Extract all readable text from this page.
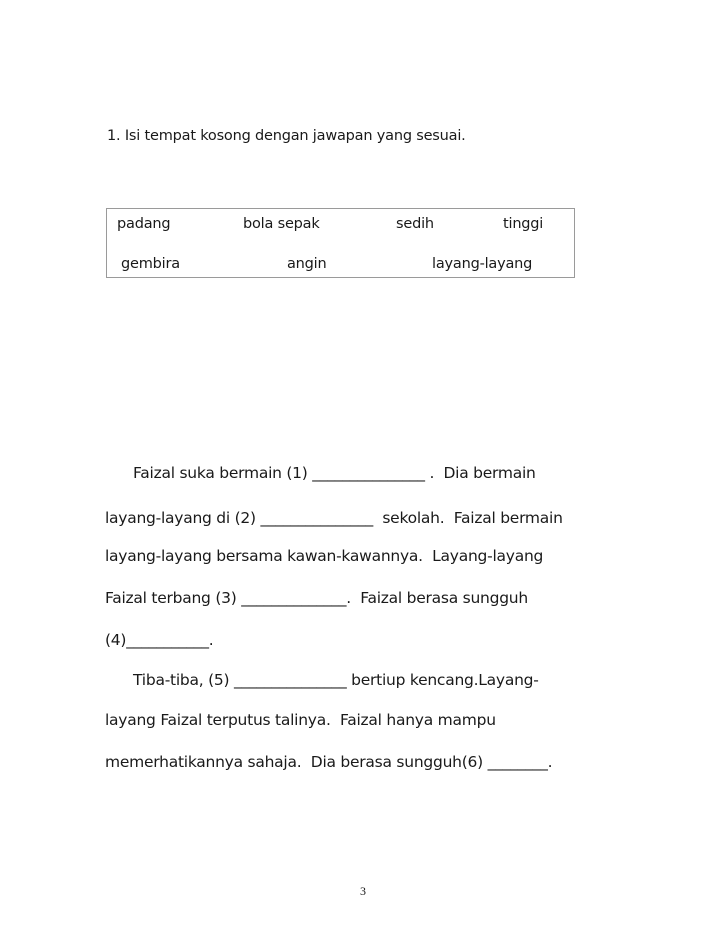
1. Isi tempat kosong dengan jawapan yang sesuai.
padang	bola sepak	sedih	tinggi
gembira	angin	layang-layang
Faizal suka bermain (1) _______________ .  Dia bermain
layang-layang di (2) _______________  sekolah.  Faizal bermain
layang-layang bersama kawan-kawannya.  Layang-layang
Faizal terbang (3) ______________.  Faizal berasa sungguh
(4)___________.
Tiba-tiba, (5) _______________ bertiup kencang.Layang-
layang Faizal terputus talinya.  Faizal hanya mampu
memerhatikannya sahaja.  Dia berasa sungguh(6) ________.
3
